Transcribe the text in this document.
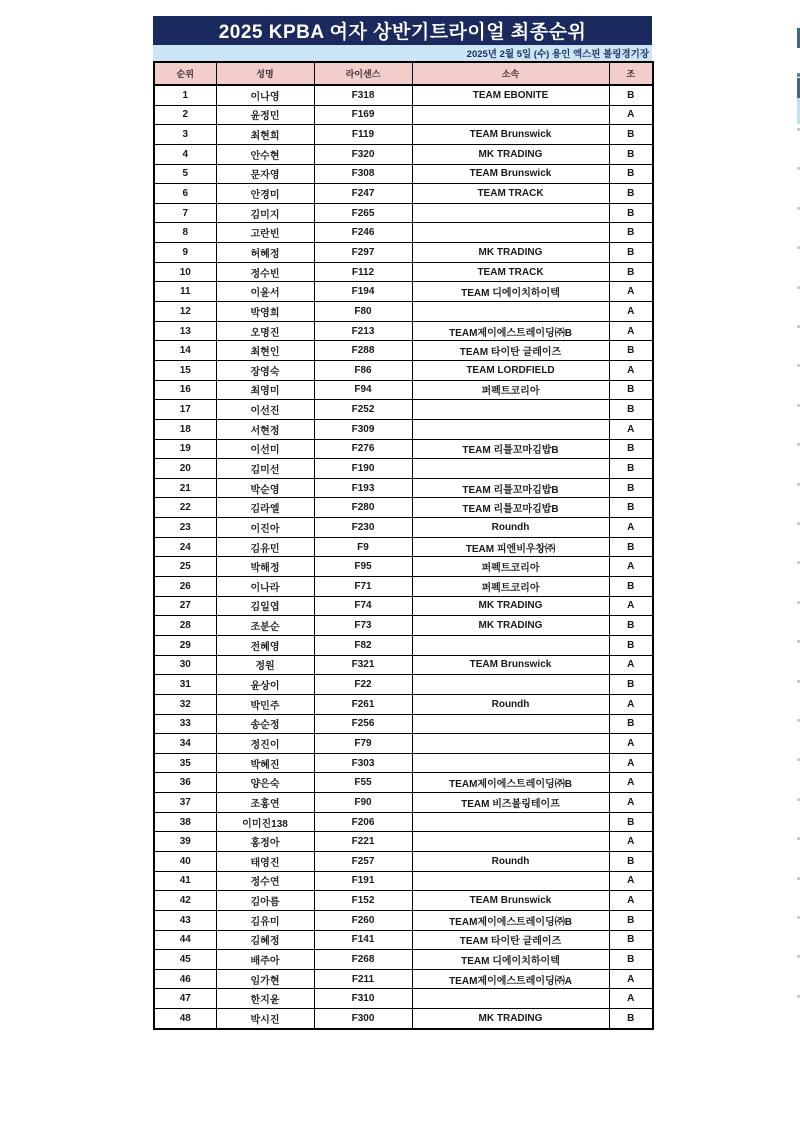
2025 KPBA 여자 상반기트라이얼 최종순위
2025년 2월 5일 (수) 용인 엑스핀 볼링경기장
순위	성명	라이센스	소속	조
1	이나영	F318	TEAM EBONITE	B
2	윤정민	F169		A
3	최현희	F119	TEAM Brunswick	B
4	안수현	F320	MK TRADING	B
5	문자영	F308	TEAM Brunswick	B
6	안경미	F247	TEAM TRACK	B
7	김미지	F265		B
8	고란빈	F246		B
9	허혜정	F297	MK TRADING	B
10	정수빈	F112	TEAM TRACK	B
11	이윤서	F194	TEAM 디에이치하이텍	A
12	박영희	F80		A
13	오명진	F213	TEAM제이에스트레이딩㈜B	A
14	최현인	F288	TEAM 타이탄 글레이즈	B
15	장영숙	F86	TEAM LORDFIELD	A
16	최영미	F94	퍼펙트코리아	B
17	이선진	F252		B
18	서현정	F309		A
19	이선미	F276	TEAM 리틀꼬마김밥B	B
20	김미선	F190		B
21	박순영	F193	TEAM 리틀꼬마김밥B	B
22	김라엘	F280	TEAM 리틀꼬마김밥B	B
23	이진아	F230	Roundh	A
24	김유민	F9	TEAM 피엔비우창㈜	B
25	박해정	F95	퍼펙트코리아	A
26	이나라	F71	퍼펙트코리아	B
27	김일엽	F74	MK TRADING	A
28	조분순	F73	MK TRADING	B
29	전혜영	F82		B
30	정원	F321	TEAM Brunswick	A
31	윤상이	F22		B
32	박민주	F261	Roundh	A
33	송순정	F256		B
34	정진이	F79		A
35	박혜진	F303		A
36	양은숙	F55	TEAM제이에스트레이딩㈜B	A
37	조홍연	F90	TEAM 비즈볼링테이프	A
38	이미진138	F206		B
39	홍정아	F221		A
40	태영진	F257	Roundh	B
41	정수연	F191		A
42	김아름	F152	TEAM Brunswick	A
43	김유미	F260	TEAM제이에스트레이딩㈜B	B
44	김혜정	F141	TEAM 타이탄 글레이즈	B
45	배주아	F268	TEAM 디에이치하이텍	B
46	임가현	F211	TEAM제이에스트레이딩㈜A	A
47	한지윤	F310		A
48	박시진	F300	MK TRADING	B
